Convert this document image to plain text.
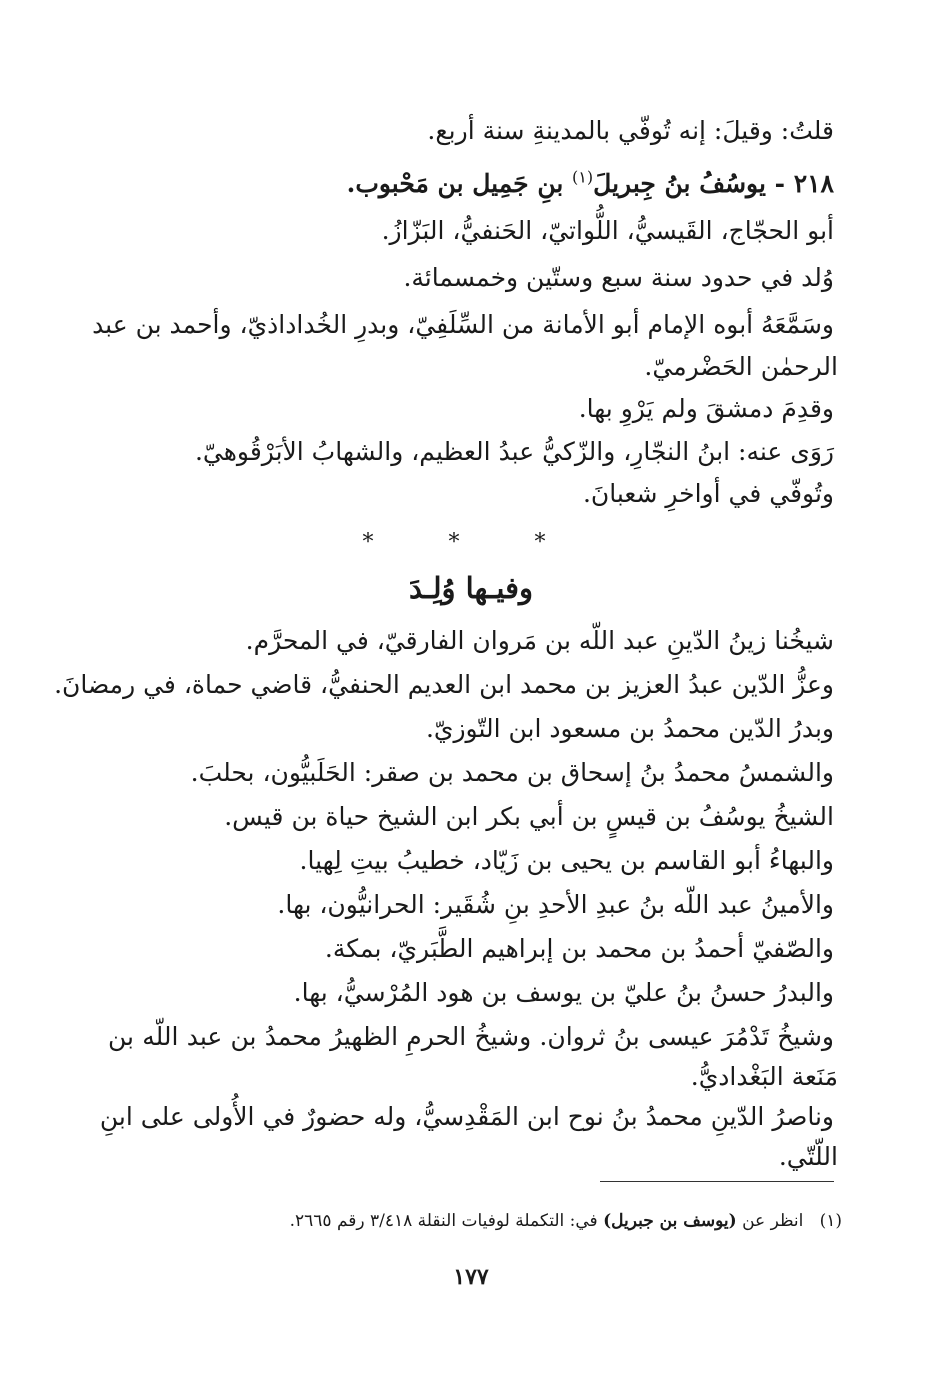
قلتُ: وقيلَ: إنه تُوفّي بالمدينةِ سنة أربع.
٢١٨ - يوسُفُ بنُ جِبريلَ$^{(١)}$ بنِ جَمِيل بن مَحْبوب.
أبو الحجّاج، القَيسيُّ، اللُّواتيّ، الحَنفيُّ، البَزّازُ.
وُلد في حدود سنة سبع وستّين وخمسمائة.
وسَمَّعَهُ أبوه الإمام أبو الأمانة من السِّلَفِيّ، وبدرِ الخُداداذيّ، وأحمد بن عبد
الرحمٰن الحَضْرميّ.
وقدِمَ دمشقَ ولم يَرْوِ بها.
رَوَى عنه: ابنُ النجّارِ، والزّكيُّ عبدُ العظيم، والشهابُ الأبَرْقُوهيّ.
وتُوفّي في أواخرِ شعبانَ.
* * *
وفيـها وُلِـدَ
شيخُنا زينُ الدّينِ عبد اللّه بن مَروان الفارقيّ، في المحرَّم.
وعزُّ الدّين عبدُ العزيز بن محمد ابن العديم الحنفيُّ، قاضي حماة، في رمضانَ.
وبدرُ الدّين محمدُ بن مسعود ابن التّوزيّ.
والشمسُ محمدُ بنُ إسحاق بن محمد بن صقر: الحَلَبيُّون، بحلبَ.
الشيخُ يوسُفُ بن قيسٍ بن أبي بكر ابن الشيخ حياة بن قيس.
والبهاءُ أبو القاسم بن يحيى بن زَيّاد، خطيبُ بيتِ لِهيا.
والأمينُ عبد اللّه بنُ عبدِ الأحدِ بنِ شُقَير: الحرانيُّون، بها.
والصّفيّ أحمدُ بن محمد بن إبراهيم الطَّبَريّ، بمكة.
والبدرُ حسنُ بنُ عليّ بن يوسف بن هود المُرْسيُّ، بها.
وشيخُ تَدْمُرَ عيسى بنُ ثروان. وشيخُ الحرمِ الظهيرُ محمدُ بن عبد اللّه بن
مَنَعة البَغْداديُّ.
وناصرُ الدّينِ محمدُ بنُ نوح ابن المَقْدِسيُّ، وله حضورٌ في الأُولى على ابنِ
اللّتّي.
(١)   انظر عن (يوسف بن جبريل) في: التكملة لوفيات النقلة ٣/٤١٨ رقم ٢٦٦٥.
١٧٧
